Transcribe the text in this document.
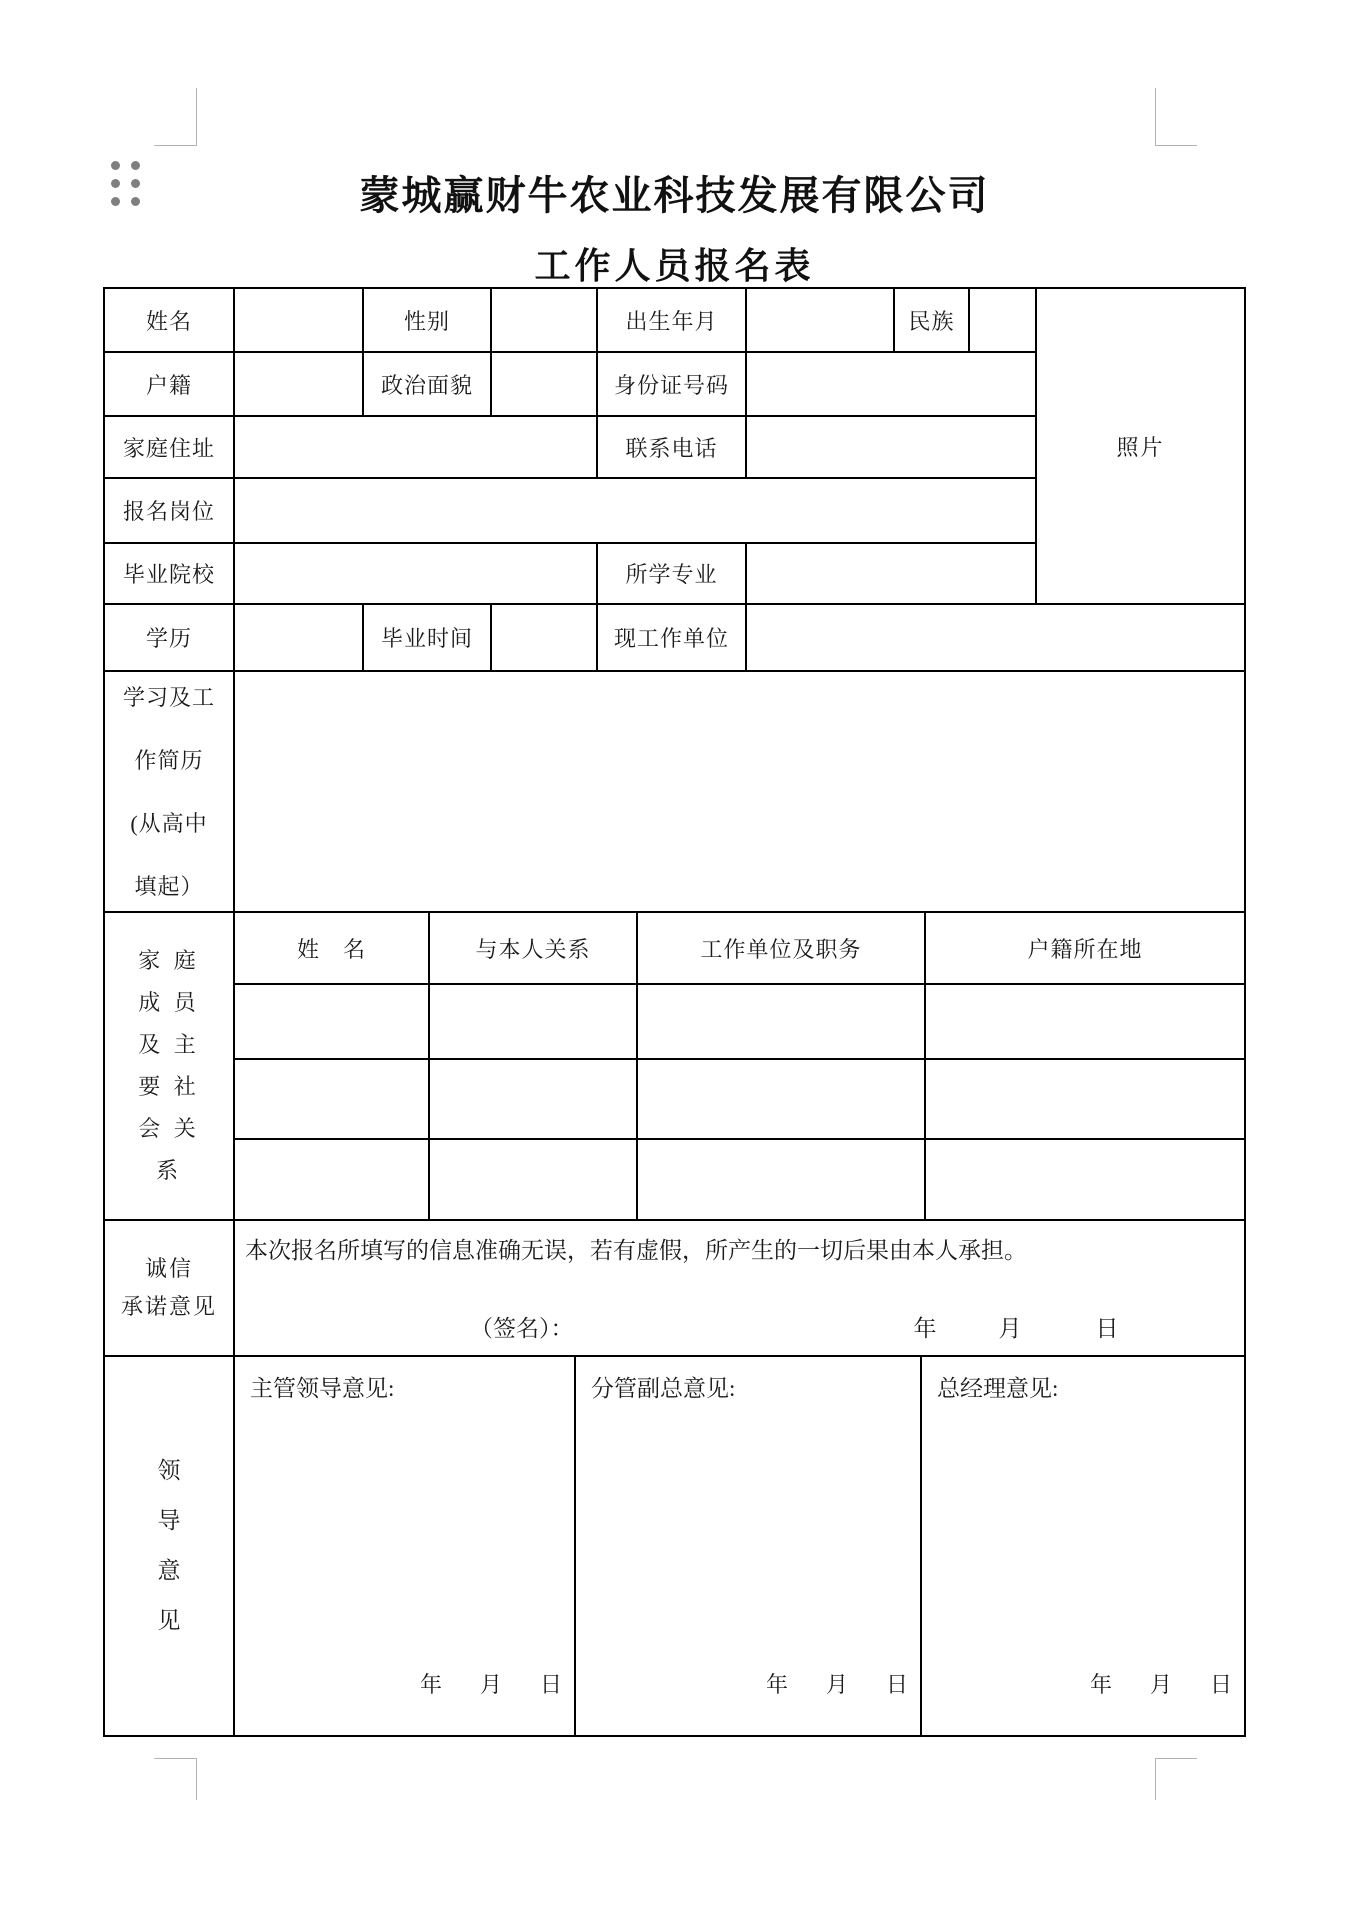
蒙城赢财牛农业科技发展有限公司
工作人员报名表
姓名	性别	出生年月	民族
户籍	政治面貌	身份证号码
家庭住址	联系电话
报名岗位
毕业院校	所学专业
照片
学历	毕业时间	现工作单位
学习及工
作简历
(从高中
填起）
家 庭
成 员
及 主
要 社
会 关
系
姓　名	与本人关系	工作单位及职务	户籍所在地
诚信
承诺意见
本次报名所填写的信息准确无误，若有虚假，所产生的一切后果由本人承担。
（签名）：	年	月	日
领
导
意
见
主管领导意见:
年 月 日
分管副总意见:
年 月 日
总经理意见:
年 月 日
